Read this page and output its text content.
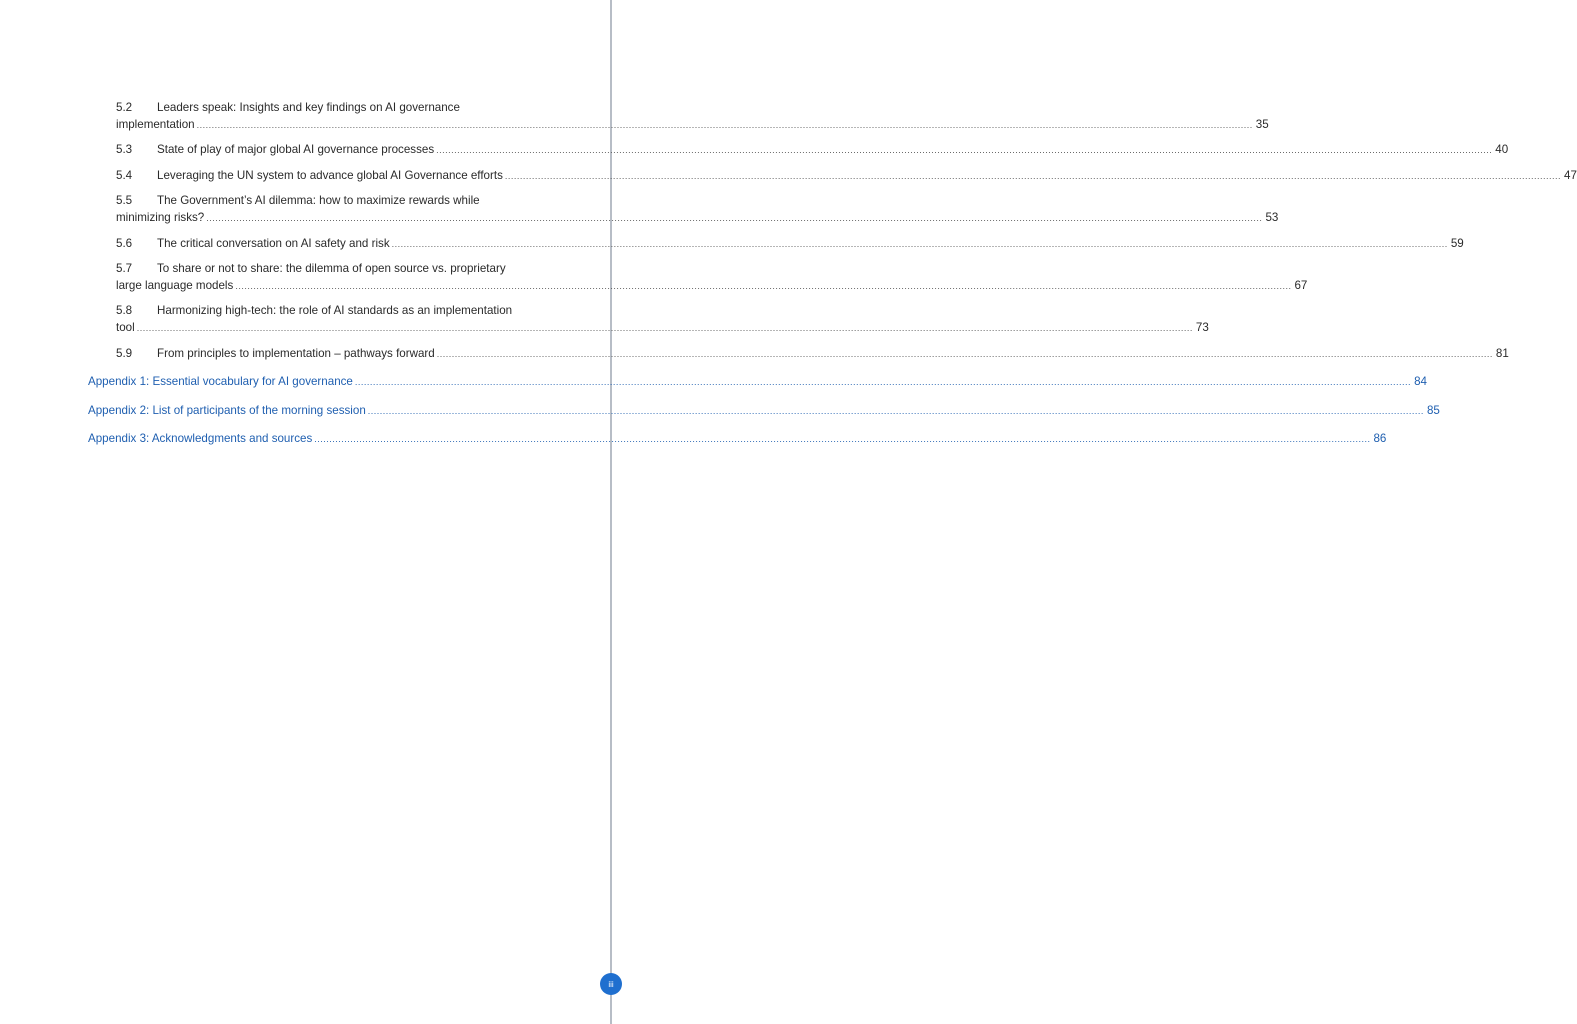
5.2	Leaders speak: Insights and key findings on AI governance
implementation ................................................................................................................................................................................................................................................................................................................................................................ 35
5.3	State of play of major global AI governance processes ................................................................................................................................................................................................................................................................................................................................................................ 40
5.4	Leveraging the UN system to advance global AI Governance efforts ................................................................................................................................................................................................................................................................................................................................................................ 47
5.5	The Government’s AI dilemma: how to maximize rewards while
minimizing risks? ................................................................................................................................................................................................................................................................................................................................................................ 53
5.6	The critical conversation on AI safety and risk ................................................................................................................................................................................................................................................................................................................................................................ 59
5.7	To share or not to share: the dilemma of open source vs. proprietary
large language models ................................................................................................................................................................................................................................................................................................................................................................ 67
5.8	Harmonizing high-tech: the role of AI standards as an implementation
tool ................................................................................................................................................................................................................................................................................................................................................................ 73
5.9	From principles to implementation – pathways forward ................................................................................................................................................................................................................................................................................................................................................................ 81
Appendix 1: Essential vocabulary for AI governance ................................................................................................................................................................................................................................................................................................................................................................ 84
Appendix 2: List of participants of the morning session ................................................................................................................................................................................................................................................................................................................................................................ 85
Appendix 3: Acknowledgments and sources ................................................................................................................................................................................................................................................................................................................................................................ 86
iii
